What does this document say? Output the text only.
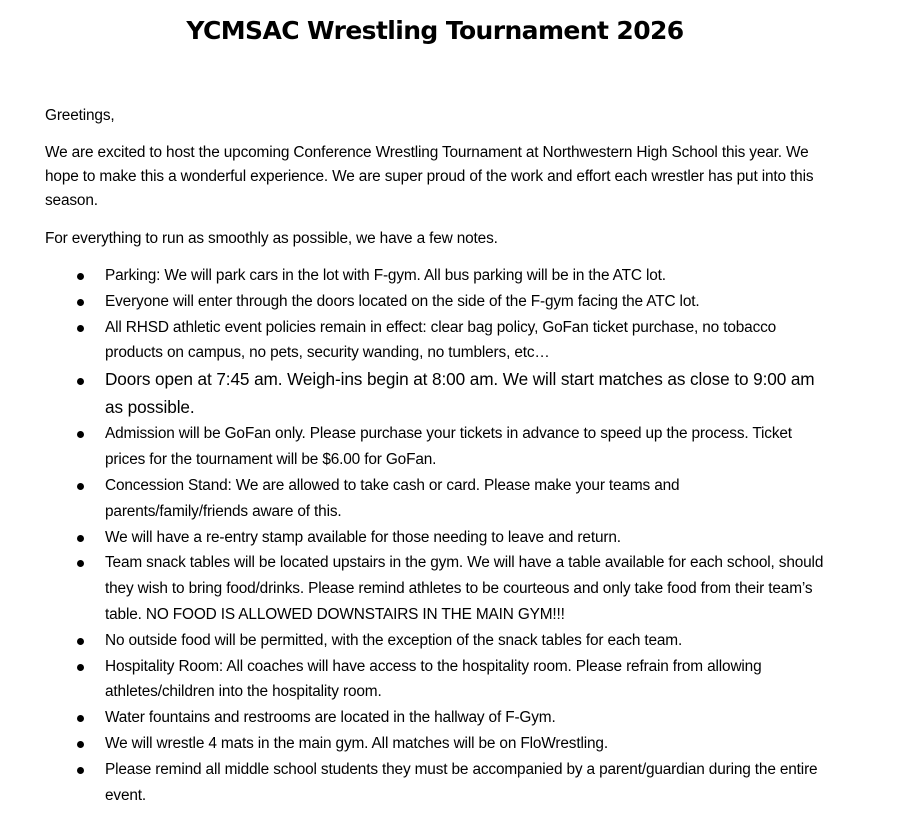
YCMSAC Wrestling Tournament 2026

Greetings,

We are excited to host the upcoming Conference Wrestling Tournament at Northwestern High School this year. We hope to make this a wonderful experience. We are super proud of the work and effort each wrestler has put into this season.

For everything to run as smoothly as possible, we have a few notes.

Parking: We will park cars in the lot with F-gym. All bus parking will be in the ATC lot.
Everyone will enter through the doors located on the side of the F-gym facing the ATC lot.
All RHSD athletic event policies remain in effect: clear bag policy, GoFan ticket purchase, no tobacco products on campus, no pets, security wanding, no tumblers, etc…
Doors open at 7:45 am. Weigh-ins begin at 8:00 am. We will start matches as close to 9:00 am as possible.
Admission will be GoFan only. Please purchase your tickets in advance to speed up the process. Ticket prices for the tournament will be $6.00 for GoFan.
Concession Stand: We are allowed to take cash or card. Please make your teams and parents/family/friends aware of this.
We will have a re-entry stamp available for those needing to leave and return.
Team snack tables will be located upstairs in the gym. We will have a table available for each school, should they wish to bring food/drinks. Please remind athletes to be courteous and only take food from their team’s table. NO FOOD IS ALLOWED DOWNSTAIRS IN THE MAIN GYM!!!
No outside food will be permitted, with the exception of the snack tables for each team.
Hospitality Room: All coaches will have access to the hospitality room. Please refrain from allowing athletes/children into the hospitality room.
Water fountains and restrooms are located in the hallway of F-Gym.
We will wrestle 4 mats in the main gym. All matches will be on FloWrestling.
Please remind all middle school students they must be accompanied by a parent/guardian during the entire event.
